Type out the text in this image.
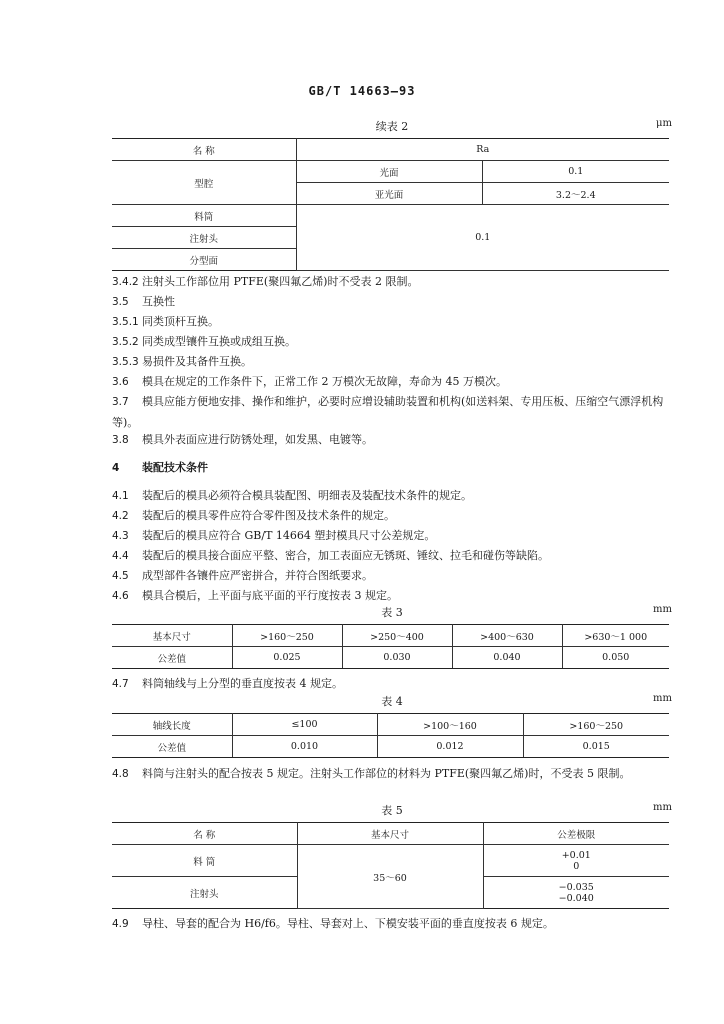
GB/T 14663—93
续表 2	μm
名 称	Ra	
型腔	光面	0.1
	亚光面	3.2～2.4
料筒	0.1	
注射头		
分型面		
3.4.2 注射头工作部位用 PTFE(聚四氟乙烯)时不受表 2 限制。
3.5 互换性
3.5.1 同类顶杆互换。
3.5.2 同类成型镶件互换或成组互换。
3.5.3 易损件及其备件互换。
3.6 模具在规定的工作条件下，正常工作 2 万模次无故障，寿命为 45 万模次。
3.7 模具应能方便地安排、操作和维护，必要时应增设辅助装置和机构(如送料架、专用压板、压缩空气漂浮机构等)。
3.8 模具外表面应进行防锈处理，如发黑、电镀等。
4 装配技术条件
4.1 装配后的模具必须符合模具装配图、明细表及装配技术条件的规定。
4.2 装配后的模具零件应符合零件图及技术条件的规定。
4.3 装配后的模具应符合 GB/T 14664 塑封模具尺寸公差规定。
4.4 装配后的模具接合面应平整、密合，加工表面应无锈斑、锤纹、拉毛和碰伤等缺陷。
4.5 成型部件各镶件应严密拼合，并符合图纸要求。
4.6 模具合模后，上平面与底平面的平行度按表 3 规定。
表 3	mm
基本尺寸	>160～250	>250～400	>400～630	>630～1 000
公差值	0.025	0.030	0.040	0.050
4.7 料筒轴线与上分型的垂直度按表 4 规定。
表 4	mm
轴线长度	≤100	>100～160	>160～250
公差值	0.010	0.012	0.015
4.8 料筒与注射头的配合按表 5 规定。注射头工作部位的材料为 PTFE(聚四氟乙烯)时，不受表 5 限制。
表 5	mm
名 称	基本尺寸	公差极限
料 筒	35～60	+0.01
0

注射头		−0.035
−0.040
4.9 导柱、导套的配合为 H6/f6。导柱、导套对上、下模安装平面的垂直度按表 6 规定。
